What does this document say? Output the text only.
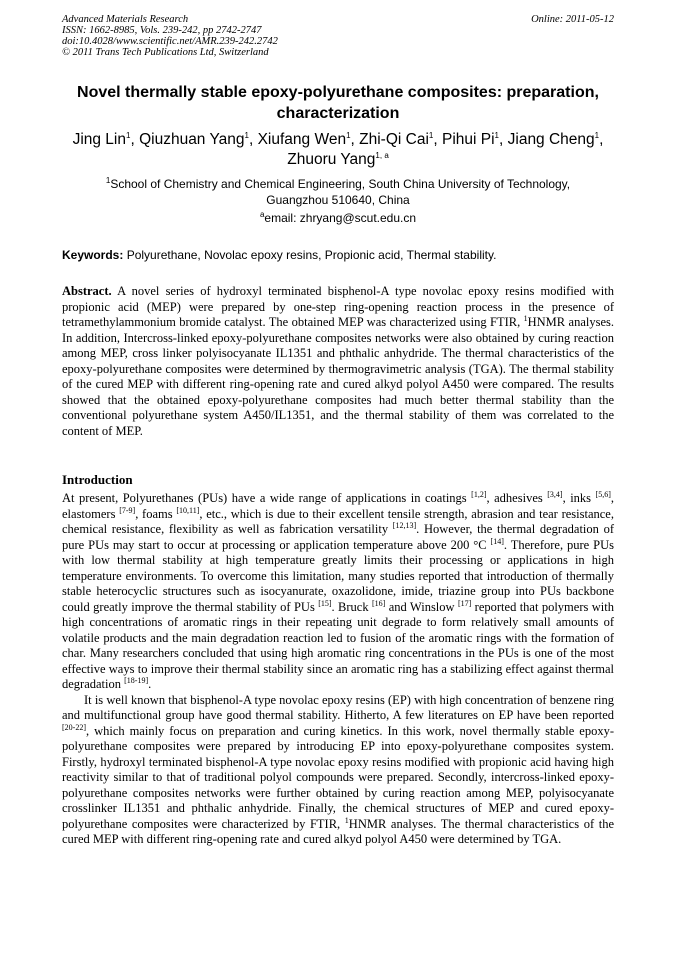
Advanced Materials Research
ISSN: 1662-8985, Vols. 239-242, pp 2742-2747
doi:10.4028/www.scientific.net/AMR.239-242.2742
© 2011 Trans Tech Publications Ltd, Switzerland
Online: 2011-05-12
Novel thermally stable epoxy-polyurethane composites: preparation, characterization
Jing Lin$^1$, Qiuzhuan Yang$^1$, Xiufang Wen$^1$, Zhi-Qi Cai$^1$, Pihui Pi$^1$, Jiang Cheng$^1$,
Zhuoru Yang$^{1, a}$
$^1$School of Chemistry and Chemical Engineering, South China University of Technology,
Guangzhou 510640, China
$^a$email: zhryang@scut.edu.cn
Keywords: Polyurethane, Novolac epoxy resins, Propionic acid, Thermal stability.
Abstract. A novel series of hydroxyl terminated bisphenol-A type novolac epoxy resins modified with propionic acid (MEP) were prepared by one-step ring-opening reaction process in the presence of tetramethylammonium bromide catalyst. The obtained MEP was characterized using FTIR, $^1$HNMR analyses. In addition, Intercross-linked epoxy-polyurethane composites networks were also obtained by curing reaction among MEP, cross linker polyisocyanate IL1351 and phthalic anhydride. The thermal characteristics of the epoxy-polyurethane composites were determined by thermogravimetric analysis (TGA). The thermal stability of the cured MEP with different ring-opening rate and cured alkyd polyol A450 were compared. The results showed that the obtained epoxy-polyurethane composites had much better thermal stability than the conventional polyurethane system A450/IL1351, and the thermal stability of them was correlated to the content of MEP.
Introduction

At present, Polyurethanes (PUs) have a wide range of applications in coatings [1,2], adhesives [3,4], inks [5,6], elastomers [7-9], foams [10,11], etc., which is due to their excellent tensile strength, abrasion and tear resistance, chemical resistance, flexibility as well as fabrication versatility [12,13]. However, the thermal degradation of pure PUs may start to occur at processing or application temperature above 200 °C [14]. Therefore, pure PUs with low thermal stability at high temperature greatly limits their processing or applications in high temperature environments. To overcome this limitation, many studies reported that introduction of thermally stable heterocyclic structures such as isocyanurate, oxazolidone, imide, triazine group into PUs backbone could greatly improve the thermal stability of PUs [15]. Bruck [16] and Winslow [17] reported that polymers with high concentrations of aromatic rings in their repeating unit degrade to form relatively small amounts of volatile products and the main degradation reaction led to fusion of the aromatic rings with the formation of char. Many researchers concluded that using high aromatic ring concentrations in the PUs is one of the most effective ways to improve their thermal stability since an aromatic ring has a stabilizing effect against thermal degradation [18-19].

It is well known that bisphenol-A type novolac epoxy resins (EP) with high concentration of benzene ring and multifunctional group have good thermal stability. Hitherto, A few literatures on EP have been reported [20-22], which mainly focus on preparation and curing kinetics. In this work, novel thermally stable epoxy-polyurethane composites were prepared by introducing EP into epoxy-polyurethane composites system. Firstly, hydroxyl terminated bisphenol-A type novolac epoxy resins modified with propionic acid having high reactivity similar to that of traditional polyol compounds were prepared. Secondly, intercross-linked epoxy-polyurethane composites networks were further obtained by curing reaction among MEP, polyisocyanate crosslinker IL1351 and phthalic anhydride. Finally, the chemical structures of MEP and cured epoxy-polyurethane composites were characterized by FTIR, $^1$HNMR analyses. The thermal characteristics of the cured MEP with different ring-opening rate and cured alkyd polyol A450 were determined by TGA.
